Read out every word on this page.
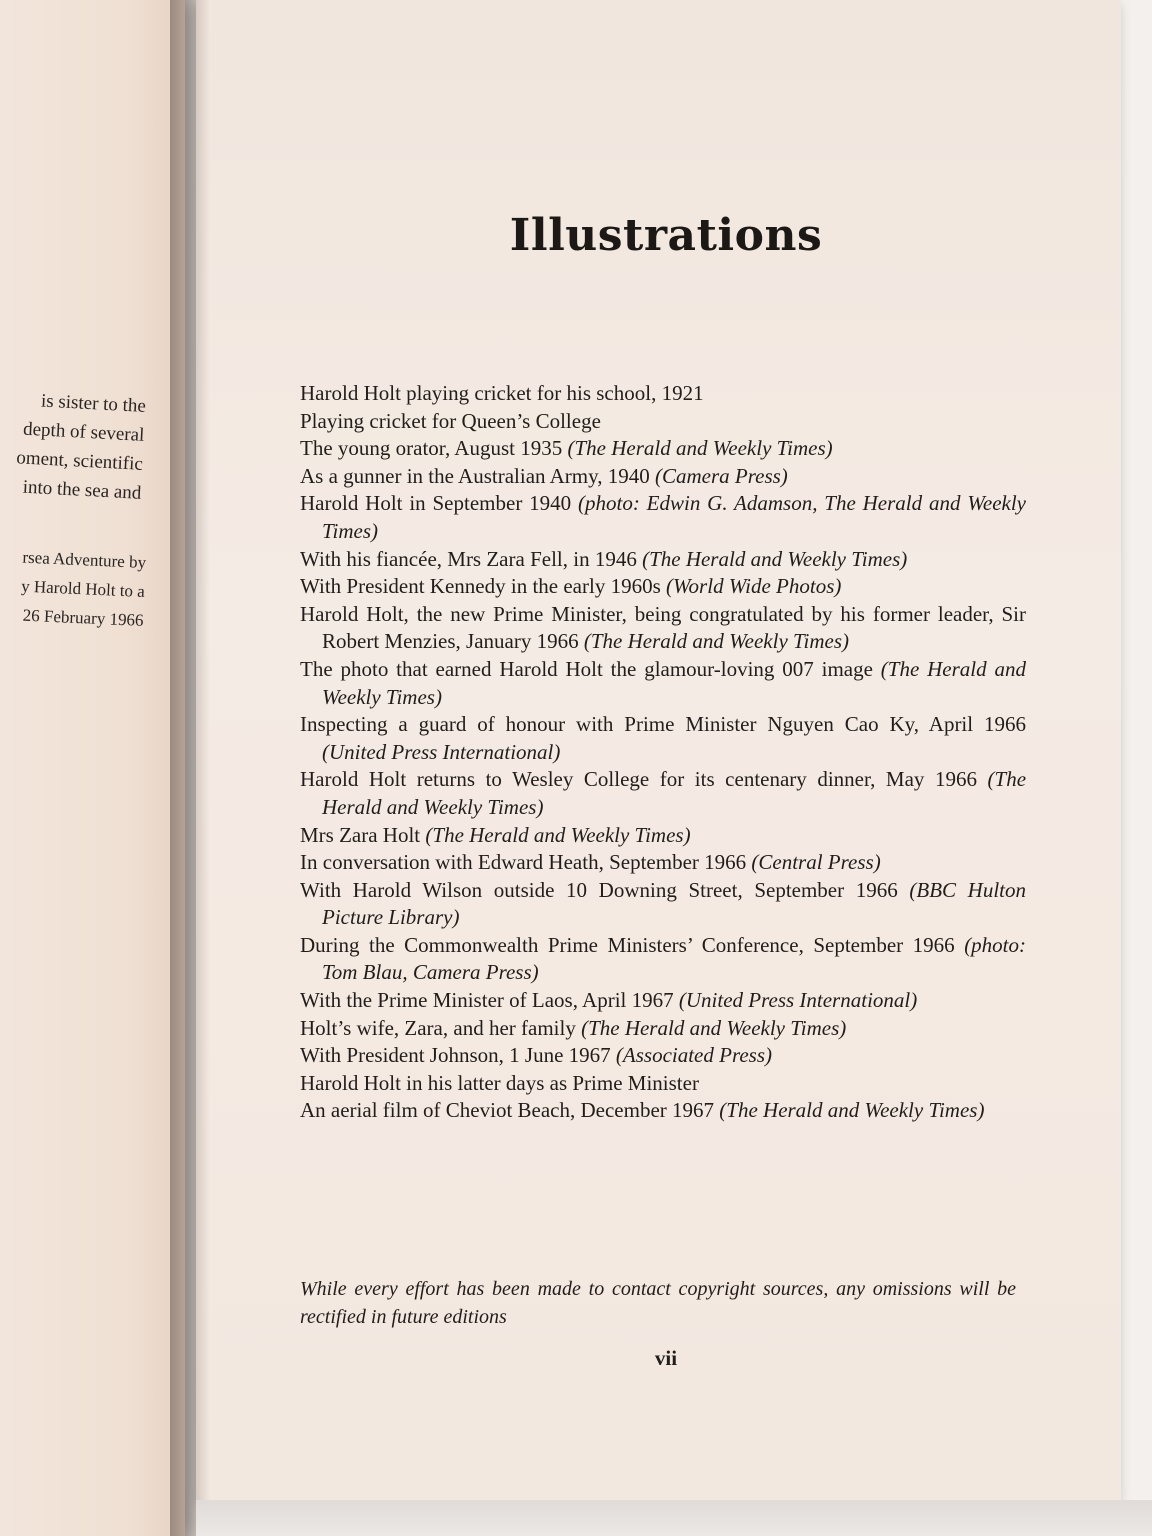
is sister to the
depth of several
oment, scientific
into the sea and
rsea Adventure by
y Harold Holt to a
26 February 1966
Illustrations
Harold Holt playing cricket for his school, 1921
Playing cricket for Queen’s College
The young orator, August 1935 (The Herald and Weekly Times)
As a gunner in the Australian Army, 1940 (Camera Press)
Harold Holt in September 1940 (photo: Edwin G. Adamson, The Herald and Weekly Times)
With his fiancée, Mrs Zara Fell, in 1946 (The Herald and Weekly Times)
With President Kennedy in the early 1960s (World Wide Photos)
Harold Holt, the new Prime Minister, being congratulated by his former leader, Sir Robert Menzies, January 1966 (The Herald and Weekly Times)
The photo that earned Harold Holt the glamour-loving 007 image (The Herald and Weekly Times)
Inspecting a guard of honour with Prime Minister Nguyen Cao Ky, April 1966 (United Press International)
Harold Holt returns to Wesley College for its centenary dinner, May 1966 (The Herald and Weekly Times)
Mrs Zara Holt (The Herald and Weekly Times)
In conversation with Edward Heath, September 1966 (Central Press)
With Harold Wilson outside 10 Downing Street, September 1966 (BBC Hulton Picture Library)
During the Commonwealth Prime Ministers’ Conference, September 1966 (photo: Tom Blau, Camera Press)
With the Prime Minister of Laos, April 1967 (United Press International)
Holt’s wife, Zara, and her family (The Herald and Weekly Times)
With President Johnson, 1 June 1967 (Associated Press)
Harold Holt in his latter days as Prime Minister
An aerial film of Cheviot Beach, December 1967 (The Herald and Weekly Times)

While every effort has been made to contact copyright sources, any omissions will be rectified in future editions

vii
